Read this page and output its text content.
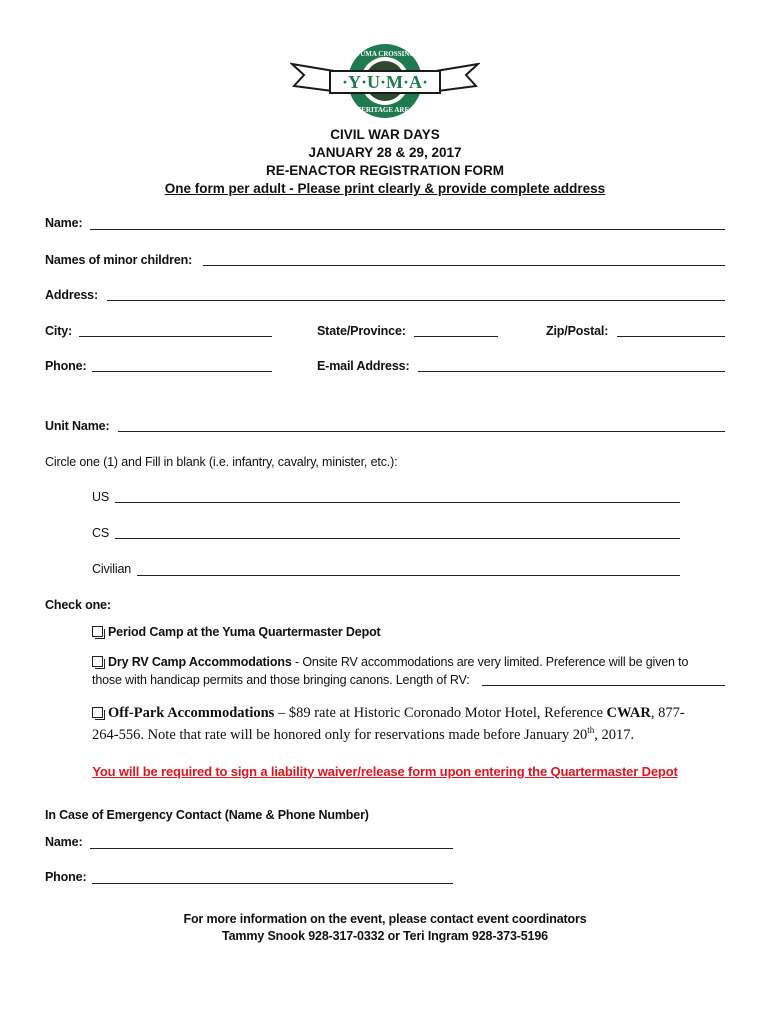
·Y·U·M·A·
YUMA CROSSING
HERITAGE AREA
CIVIL WAR DAYS
JANUARY 28 & 29, 2017
RE-ENACTOR REGISTRATION FORM
One form per adult - Please print clearly & provide complete address
Name:
Names of minor children:
Address:
City:	State/Province:	Zip/Postal:
Phone:	E-mail Address:
Unit Name:
Circle one (1) and Fill in blank (i.e. infantry, cavalry, minister, etc.):
US
CS
Civilian
Check one:
Period Camp at the Yuma Quartermaster Depot
Dry RV Camp Accommodations - Onsite RV accommodations are very limited. Preference will be given to
those with handicap permits and those bringing canons. Length of RV:
Off-Park Accommodations – $89 rate at Historic Coronado Motor Hotel, Reference CWAR, 877-
264-556. Note that rate will be honored only for reservations made before January 20th, 2017.
You will be required to sign a liability waiver/release form upon entering the Quartermaster Depot
In Case of Emergency Contact (Name & Phone Number)
Name:
Phone:
For more information on the event, please contact event coordinators
Tammy Snook 928-317-0332 or Teri Ingram 928-373-5196
